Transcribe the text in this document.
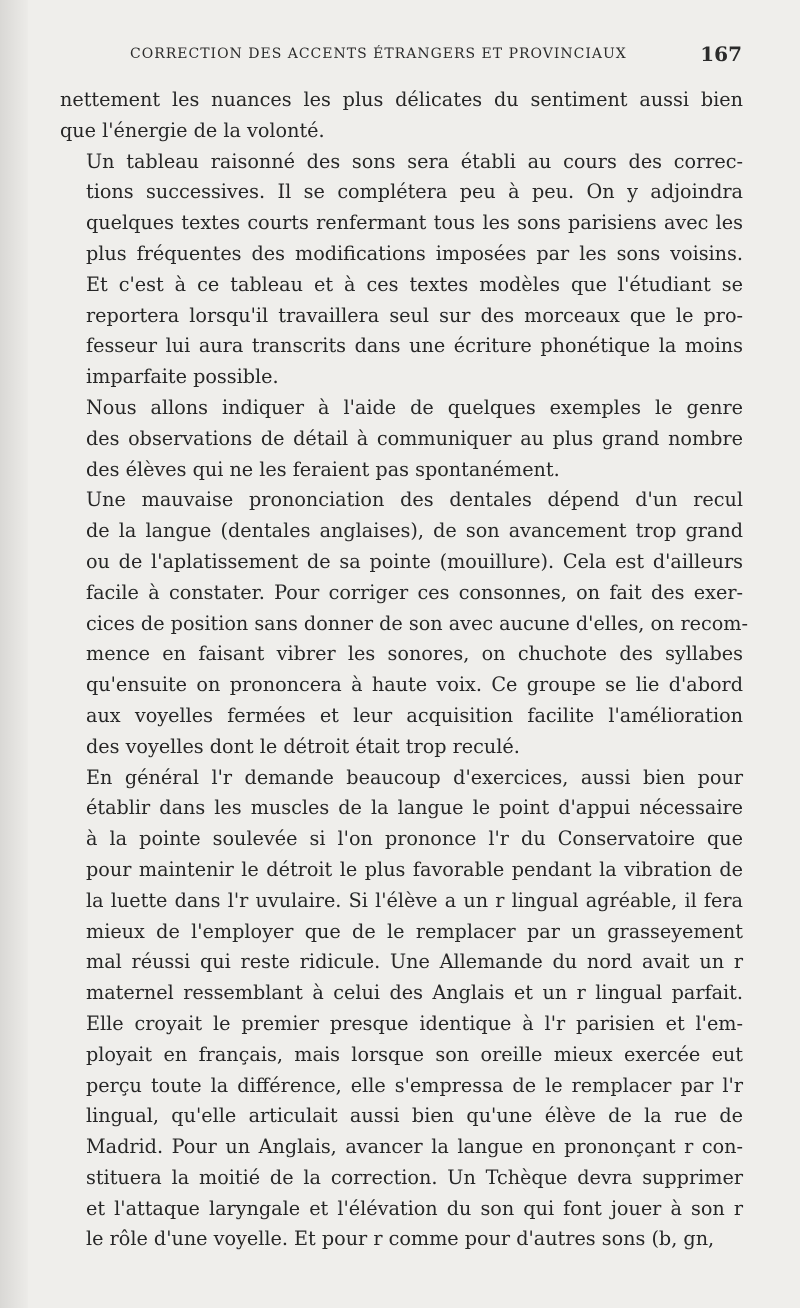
CORRECTION DES ACCENTS ÉTRANGERS ET PROVINCIAUX	167

nettement les nuances les plus délicates du sentiment aussi bien
que l'énergie de la volonté.

Un tableau raisonné des sons sera établi au cours des correc-
tions successives. Il se complétera peu à peu. On y adjoindra
quelques textes courts renfermant tous les sons parisiens avec les
plus fréquentes des modifications imposées par les sons voisins.
Et c'est à ce tableau et à ces textes modèles que l'étudiant se
reportera lorsqu'il travaillera seul sur des morceaux que le pro-
fesseur lui aura transcrits dans une écriture phonétique la moins
imparfaite possible.

Nous allons indiquer à l'aide de quelques exemples le genre
des observations de détail à communiquer au plus grand nombre
des élèves qui ne les feraient pas spontanément.

Une mauvaise prononciation des dentales dépend d'un recul
de la langue (dentales anglaises), de son avancement trop grand
ou de l'aplatissement de sa pointe (mouillure). Cela est d'ailleurs
facile à constater. Pour corriger ces consonnes, on fait des exer-
cices de position sans donner de son avec aucune d'elles, on recom-
mence en faisant vibrer les sonores, on chuchote des syllabes
qu'ensuite on prononcera à haute voix. Ce groupe se lie d'abord
aux voyelles fermées et leur acquisition facilite l'amélioration
des voyelles dont le détroit était trop reculé.

En général l'r demande beaucoup d'exercices, aussi bien pour
établir dans les muscles de la langue le point d'appui nécessaire
à la pointe soulevée si l'on prononce l'r du Conservatoire que
pour maintenir le détroit le plus favorable pendant la vibration de
la luette dans l'r uvulaire. Si l'élève a un r lingual agréable, il fera
mieux de l'employer que de le remplacer par un grasseyement
mal réussi qui reste ridicule. Une Allemande du nord avait un r
maternel ressemblant à celui des Anglais et un r lingual parfait.
Elle croyait le premier presque identique à l'r parisien et l'em-
ployait en français, mais lorsque son oreille mieux exercée eut
perçu toute la différence, elle s'empressa de le remplacer par l'r
lingual, qu'elle articulait aussi bien qu'une élève de la rue de
Madrid. Pour un Anglais, avancer la langue en prononçant r con-
stituera la moitié de la correction. Un Tchèque devra supprimer
et l'attaque laryngale et l'élévation du son qui font jouer à son r
le rôle d'une voyelle. Et pour r comme pour d'autres sons (b, gn,
